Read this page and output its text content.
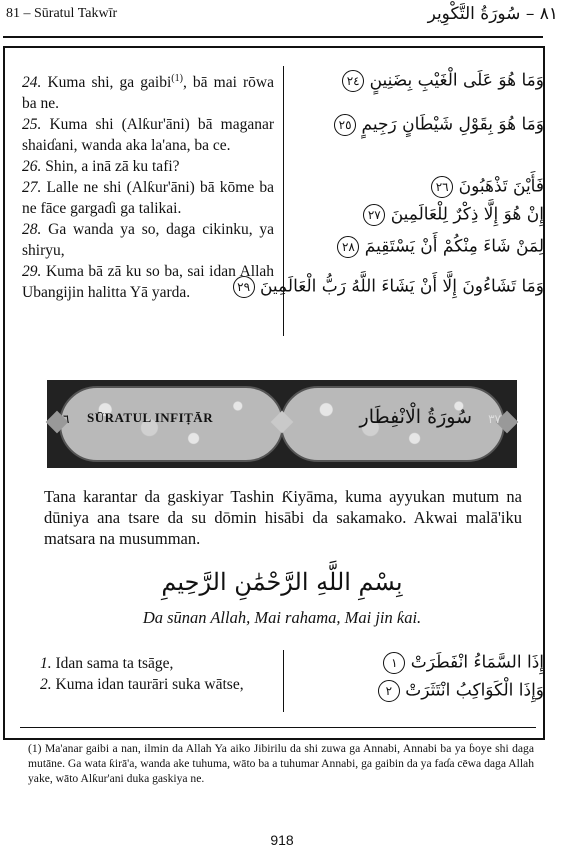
81 – Sūratul Takwīr	٨١ – سُورَةُ التَّكْوِير

24. Kuma shi, ga gaibi$^{(1)}$, bā mai rōwa ba ne.

25. Kuma shi (Alƙur'āni) bā maganar shaiɗani, wanda aka la'ana, ba ce.

26. Shin, a inā zā ku tafi?

27. Lalle ne shi (Alƙur'āni) bā kōme ba ne fāce gargaɗi ga talikai.

28. Ga wanda ya so, daga cikinku, ya shiryu,

29. Kuma bā zā ku so ba, sai idan Allah Ubangijin halitta Yā yarda.

وَمَا هُوَ عَلَى الْغَيْبِ بِضَنِينٍ ٢٤
وَمَا هُوَ بِقَوْلِ شَيْطَانٍ رَجِيمٍ ٢٥
فَأَيْنَ تَذْهَبُونَ ٢٦
إِنْ هُوَ إِلَّا ذِكْرٌ لِلْعَالَمِينَ ٢٧
لِمَنْ شَاءَ مِنْكُمْ أَنْ يَسْتَقِيمَ ٢٨
وَمَا تَشَاءُونَ إِلَّا أَنْ يَشَاءَ اللَّهُ رَبُّ الْعَالَمِينَ ٢٩
٦	٣٧
SŪRATUL INFIṬĀR	سُورَةُ الْانْفِطَار
Tana karantar da gaskiyar Tashin Ƙiyāma, kuma ayyukan mutum na dūniya ana tsare da su dōmin hisābi da sakamako. Akwai malā'iku matsara na musumman.
بِسْمِ اللَّهِ الرَّحْمَٰنِ الرَّحِيمِ
Da sūnan Allah, Mai rahama, Mai jin ƙai.

1. Idan sama ta tsāge,

2. Kuma idan taurāri suka wātse,

إِذَا السَّمَاءُ انْفَطَرَتْ ١
وَإِذَا الْكَوَاكِبُ انْتَثَرَتْ ٢
(1) Ma'anar gaibi a nan, ilmin da Allah Ya aiko Jibirilu da shi zuwa ga Annabi, Annabi ba ya ɓoye shi daga mutāne. Ga wata ƙirā'a, wanda ake tuhuma, wāto ba a tuhumar Annabi, ga gaibin da ya faɗa cēwa daga Allah yake, wāto Alƙur'ani duka gaskiya ne.
918
